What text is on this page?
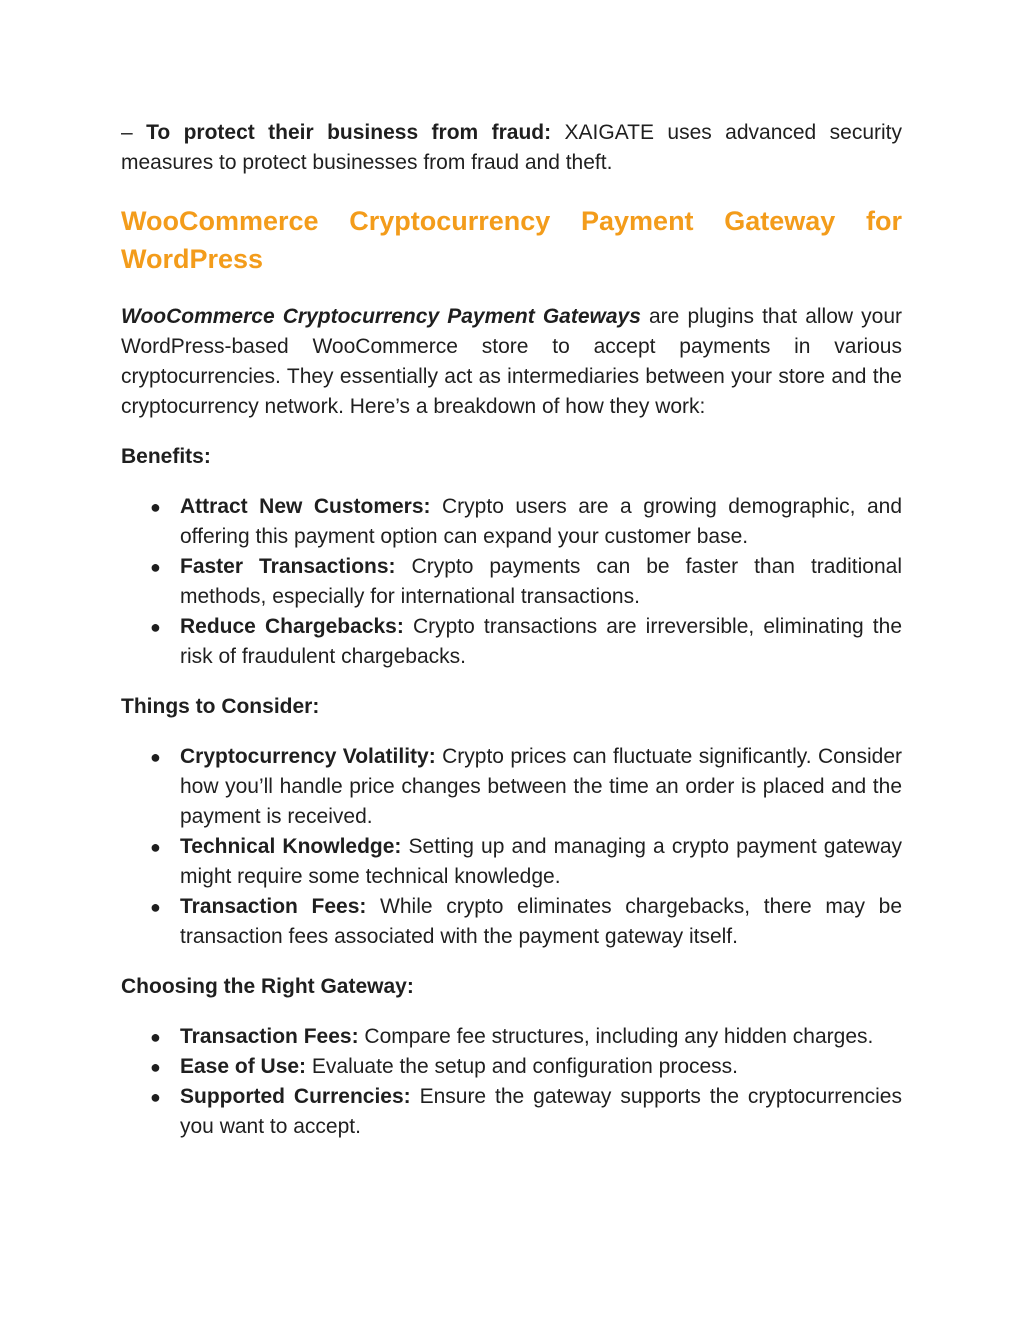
– To protect their business from fraud: XAIGATE uses advanced security measures to protect businesses from fraud and theft.

WooCommerce Cryptocurrency Payment Gateway for WordPress

WooCommerce Cryptocurrency Payment Gateways are plugins that allow your WordPress-based WooCommerce store to accept payments in various cryptocurrencies. They essentially act as intermediaries between your store and the cryptocurrency network. Here’s a breakdown of how they work:

Benefits:

● Attract New Customers: Crypto users are a growing demographic, and offering this payment option can expand your customer base.
● Faster Transactions: Crypto payments can be faster than traditional methods, especially for international transactions.
● Reduce Chargebacks: Crypto transactions are irreversible, eliminating the risk of fraudulent chargebacks.

Things to Consider:

● Cryptocurrency Volatility: Crypto prices can fluctuate significantly. Consider how you’ll handle price changes between the time an order is placed and the payment is received.
● Technical Knowledge: Setting up and managing a crypto payment gateway might require some technical knowledge.
● Transaction Fees: While crypto eliminates chargebacks, there may be transaction fees associated with the payment gateway itself.

Choosing the Right Gateway:

● Transaction Fees: Compare fee structures, including any hidden charges.
● Ease of Use: Evaluate the setup and configuration process.
● Supported Currencies: Ensure the gateway supports the cryptocurrencies you want to accept.
